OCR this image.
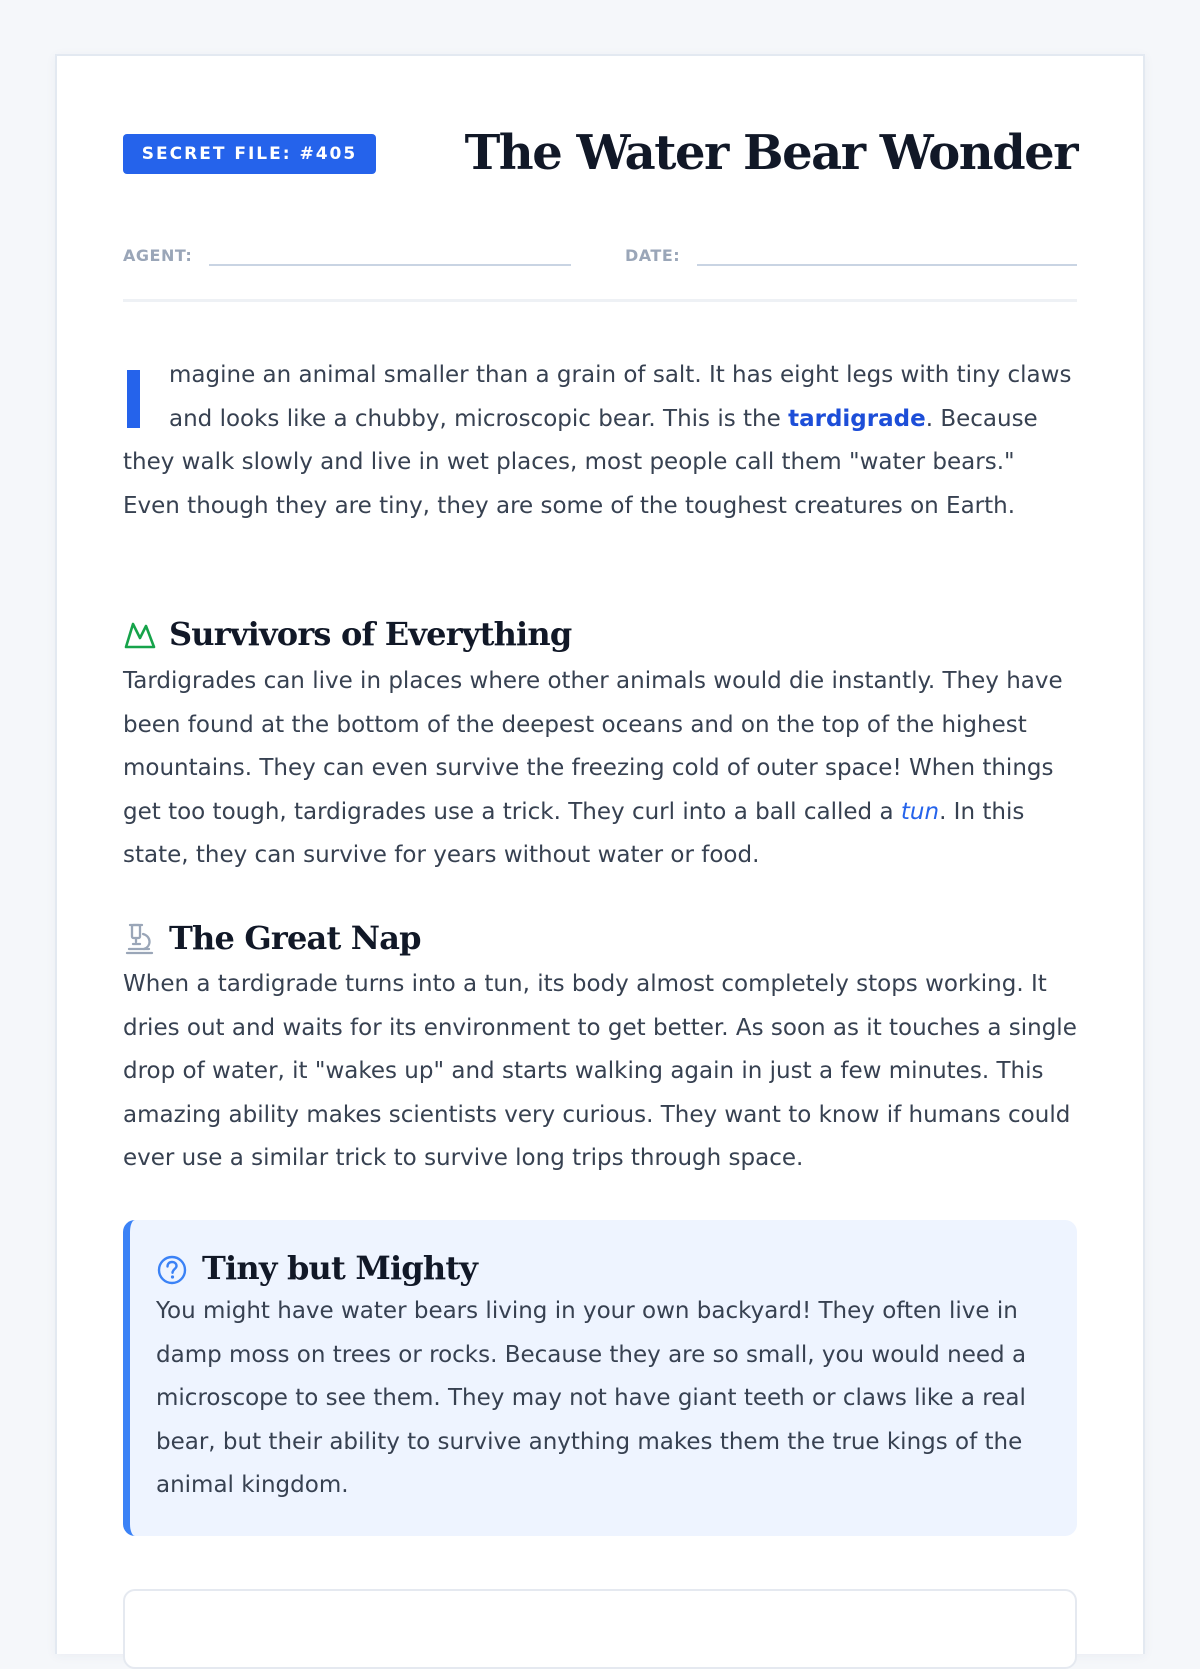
SECRET FILE: #405	The Water Bear Wonder
AGENT:	DATE:

magine an animal smaller than a grain of salt. It has eight legs with tiny claws and looks like a chubby, microscopic bear. This is the tardigrade. Because they walk slowly and live in wet places, most people call them "water bears." Even though they are tiny, they are some of the toughest creatures on Earth.

Survivors of Everything

Tardigrades can live in places where other animals would die instantly. They have been found at the bottom of the deepest oceans and on the top of the highest mountains. They can even survive the freezing cold of outer space! When things get too tough, tardigrades use a trick. They curl into a ball called a tun. In this state, they can survive for years without water or food.

The Great Nap

When a tardigrade turns into a tun, its body almost completely stops working. It dries out and waits for its environment to get better. As soon as it touches a single drop of water, it "wakes up" and starts walking again in just a few minutes. This amazing ability makes scientists very curious. They want to know if humans could ever use a similar trick to survive long trips through space.

Tiny but Mighty

You might have water bears living in your own backyard! They often live in damp moss on trees or rocks. Because they are so small, you would need a microscope to see them. They may not have giant teeth or claws like a real bear, but their ability to survive anything makes them the true kings of the animal kingdom.
